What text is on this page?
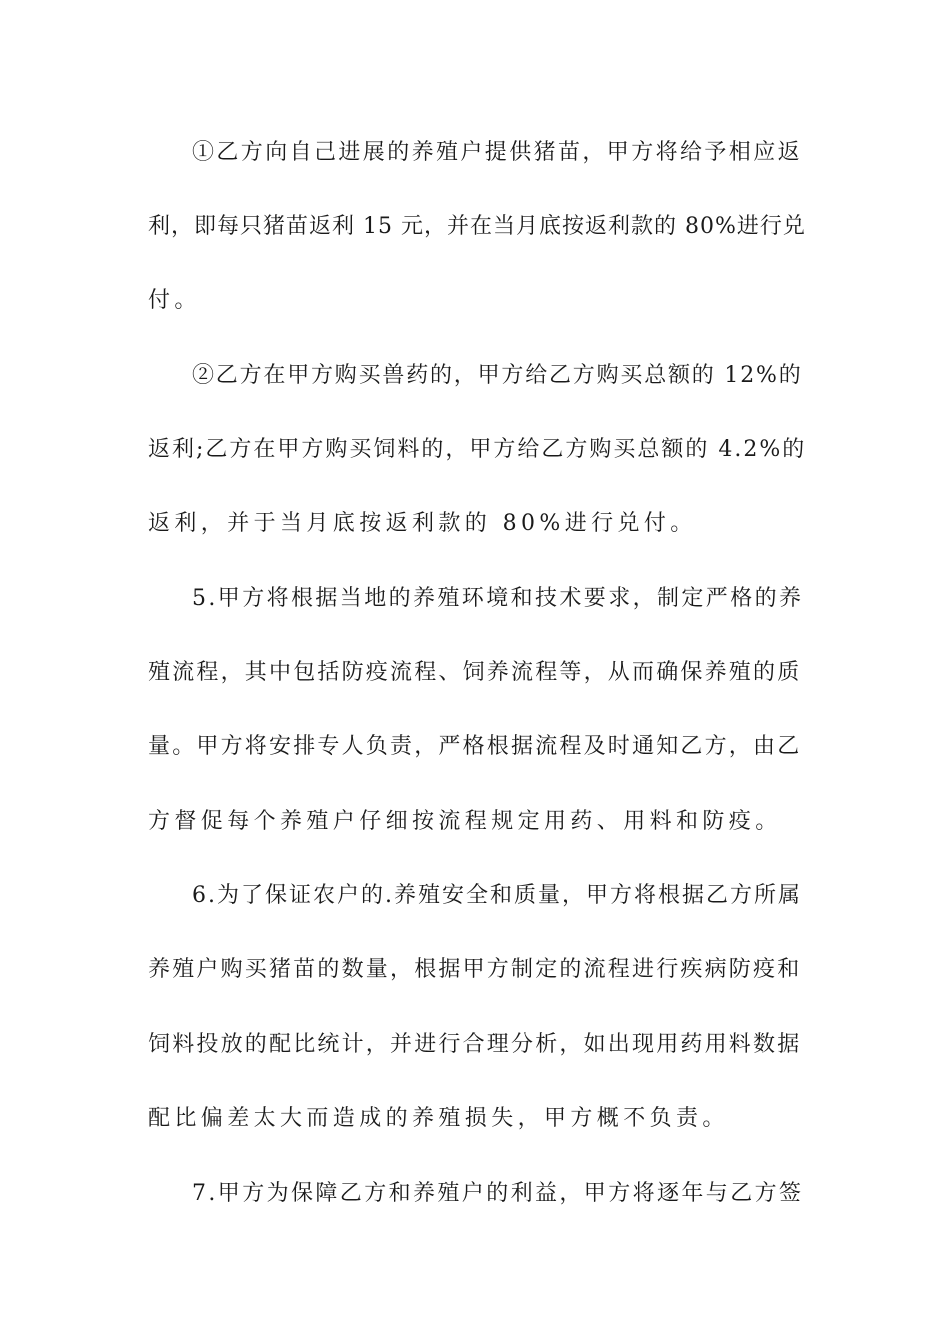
①乙方向自己进展的养殖户提供猪苗，甲方将给予相应返
利，即每只猪苗返利 15 元，并在当月底按返利款的 80%进行兑
付。
②乙方在甲方购买兽药的，甲方给乙方购买总额的 12%的
返利;乙方在甲方购买饲料的，甲方给乙方购买总额的 4.2%的
返利，并于当月底按返利款的 80%进行兑付。
5.甲方将根据当地的养殖环境和技术要求，制定严格的养
殖流程，其中包括防疫流程、饲养流程等，从而确保养殖的质
量。甲方将安排专人负责，严格根据流程及时通知乙方，由乙
方督促每个养殖户仔细按流程规定用药、用料和防疫。
6.为了保证农户的.养殖安全和质量，甲方将根据乙方所属
养殖户购买猪苗的数量，根据甲方制定的流程进行疾病防疫和
饲料投放的配比统计，并进行合理分析，如出现用药用料数据
配比偏差太大而造成的养殖损失，甲方概不负责。
7.甲方为保障乙方和养殖户的利益，甲方将逐年与乙方签
